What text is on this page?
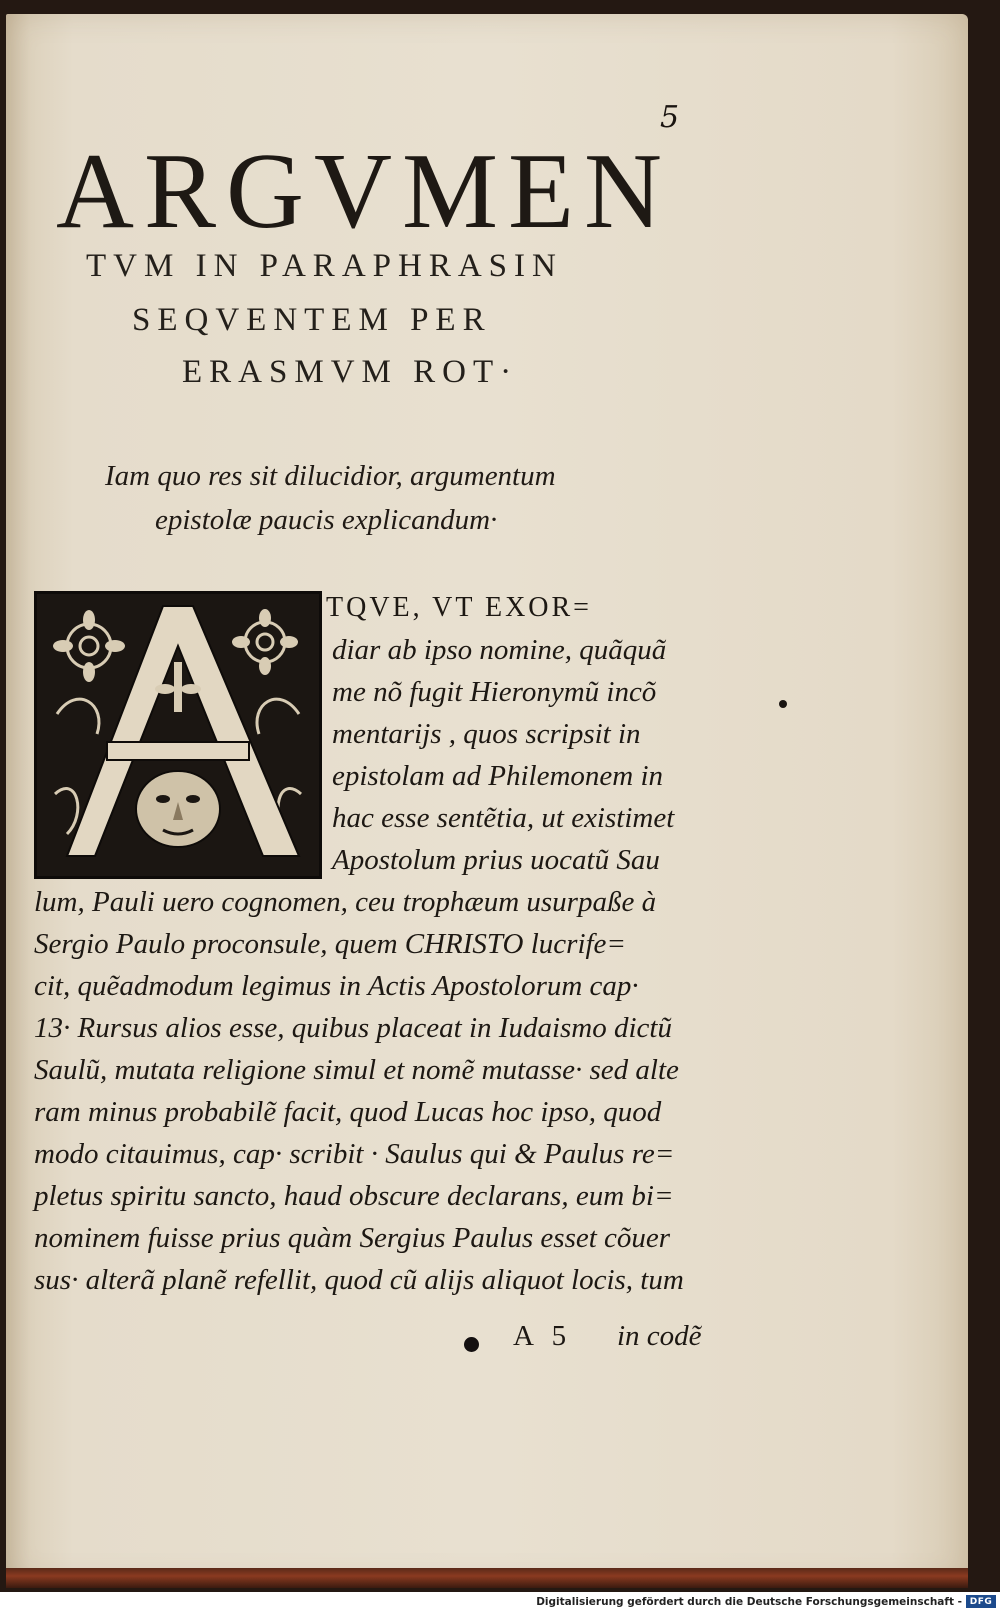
5
ARGVMEN
TVM IN PARAPHRASIN
SEQVENTEM PER
ERASMVM ROT·
Iam quo res sit dilucidior, argumentum
epistolæ paucis explicandum·
TQVE, VT EXOR=
diar ab ipso nomine, quãquã
me nõ fugit Hieronymũ incõ
mentarijs , quos scripsit in
epistolam ad Philemonem in
hac esse sentẽtia, ut existimet
Apostolum prius uocatũ Sau
lum, Pauli uero cognomen, ceu trophæum usurpaße à
Sergio Paulo proconsule, quem CHRISTO lucrife=
cit, quẽadmodum legimus in Actis Apostolorum cap·
13· Rursus alios esse, quibus placeat in Iudaismo dictũ
Saulũ, mutata religione simul et nomẽ mutasse· sed alte
ram minus probabilẽ facit, quod Lucas hoc ipso, quod
modo citauimus, cap· scribit · Saulus qui & Paulus re=
pletus spiritu sancto, haud obscure declarans, eum bi=
nominem fuisse prius quàm Sergius Paulus esset cõuer
sus· alterã planẽ refellit, quod cũ alijs aliquot locis, tum
A 5 in codẽ
Digitalisierung gefördert durch die Deutsche Forschungsgemeinschaft - DFG
